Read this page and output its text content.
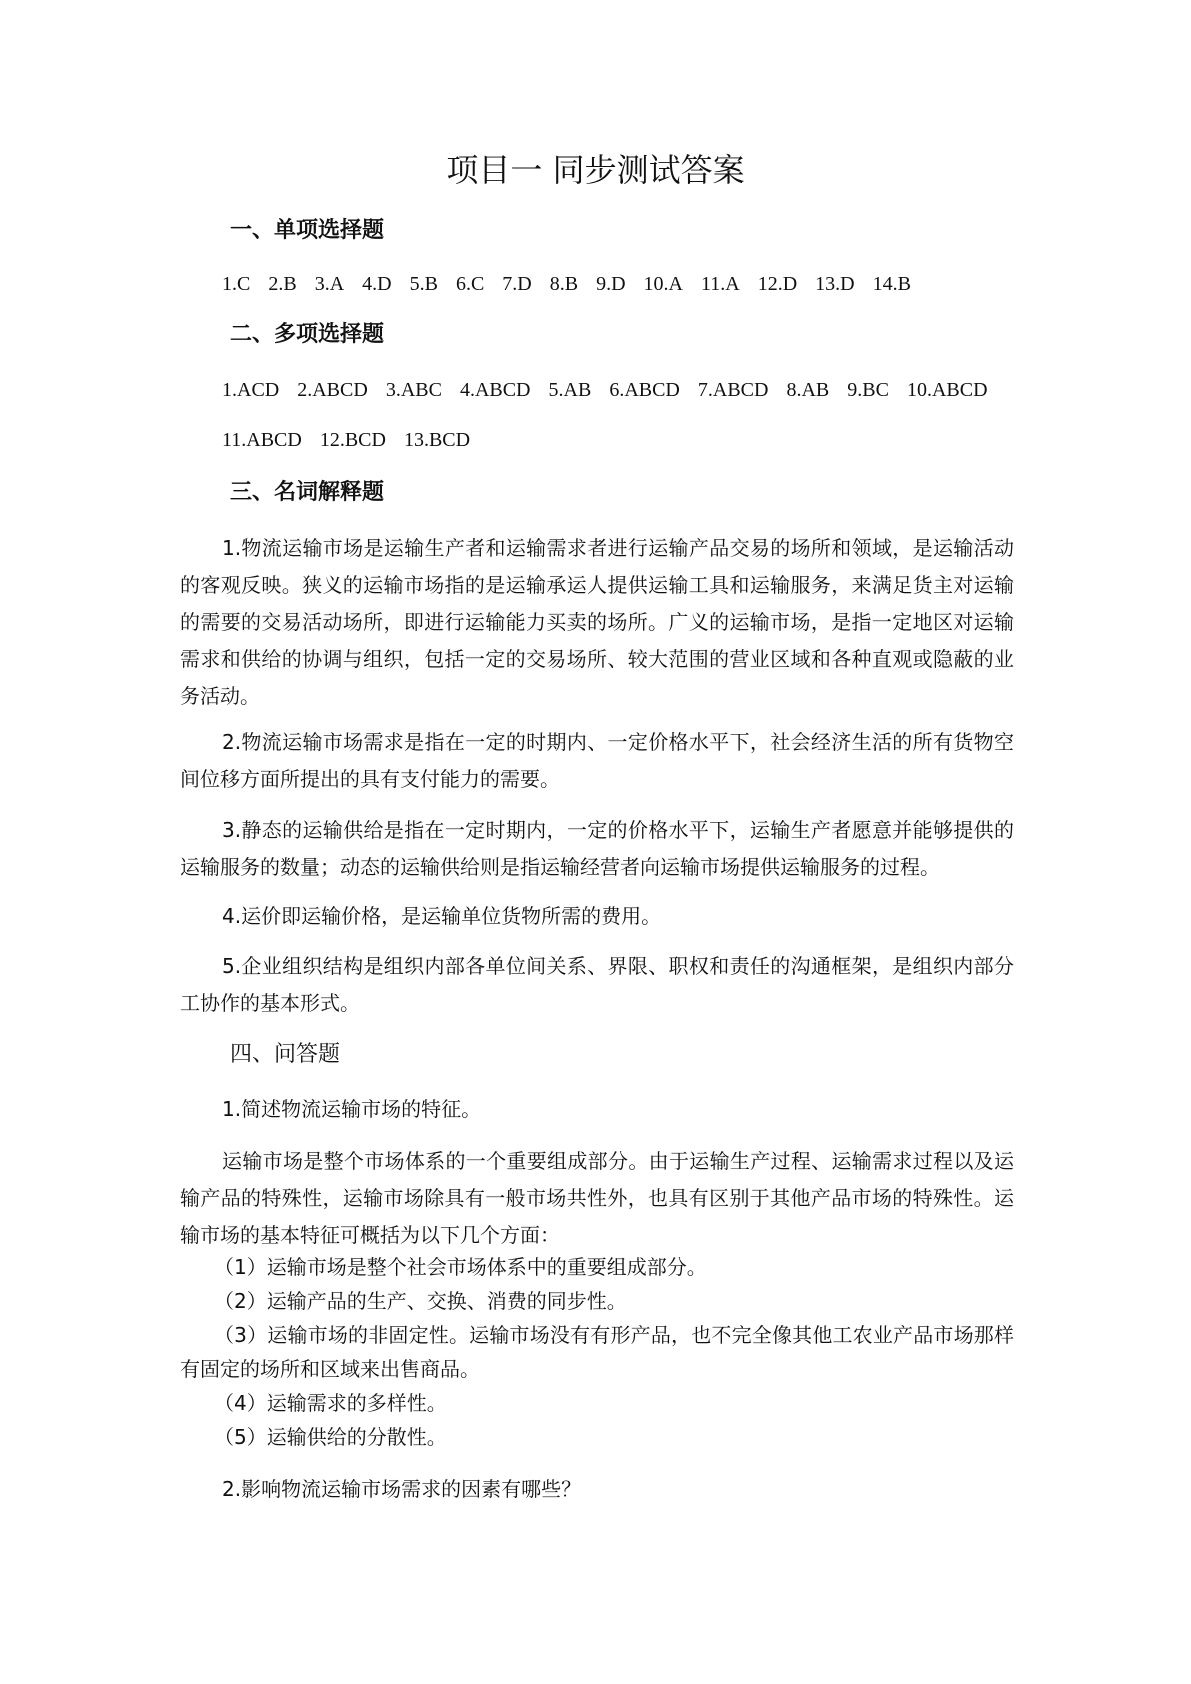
项目一 同步测试答案
一、单项选择题
1.C 2.B 3.A 4.D 5.B 6.C 7.D 8.B 9.D 10.A 11.A 12.D 13.D 14.B
二、多项选择题
1.ACD 2.ABCD 3.ABC 4.ABCD 5.AB 6.ABCD 7.ABCD 8.AB 9.BC 10.ABCD
11.ABCD 12.BCD 13.BCD
三、名词解释题

1.物流运输市场是运输生产者和运输需求者进行运输产品交易的场所和领域，是运输活动的客观反映。狭义的运输市场指的是运输承运人提供运输工具和运输服务，来满足货主对运输的需要的交易活动场所，即进行运输能力买卖的场所。广义的运输市场，是指一定地区对运输需求和供给的协调与组织，包括一定的交易场所、较大范围的营业区域和各种直观或隐蔽的业务活动。

2.物流运输市场需求是指在一定的时期内、一定价格水平下，社会经济生活的所有货物空间位移方面所提出的具有支付能力的需要。

3.静态的运输供给是指在一定时期内，一定的价格水平下，运输生产者愿意并能够提供的运输服务的数量；动态的运输供给则是指运输经营者向运输市场提供运输服务的过程。

4.运价即运输价格，是运输单位货物所需的费用。

5.企业组织结构是组织内部各单位间关系、界限、职权和责任的沟通框架，是组织内部分工协作的基本形式。

四、问答题
1.简述物流运输市场的特征。

运输市场是整个市场体系的一个重要组成部分。由于运输生产过程、运输需求过程以及运输产品的特殊性，运输市场除具有一般市场共性外，也具有区别于其他产品市场的特殊性。运输市场的基本特征可概括为以下几个方面：

（1）运输市场是整个社会市场体系中的重要组成部分。

（2）运输产品的生产、交换、消费的同步性。

（3）运输市场的非固定性。运输市场没有有形产品，也不完全像其他工农业产品市场那样有固定的场所和区域来出售商品。

（4）运输需求的多样性。

（5）运输供给的分散性。

2.影响物流运输市场需求的因素有哪些？
